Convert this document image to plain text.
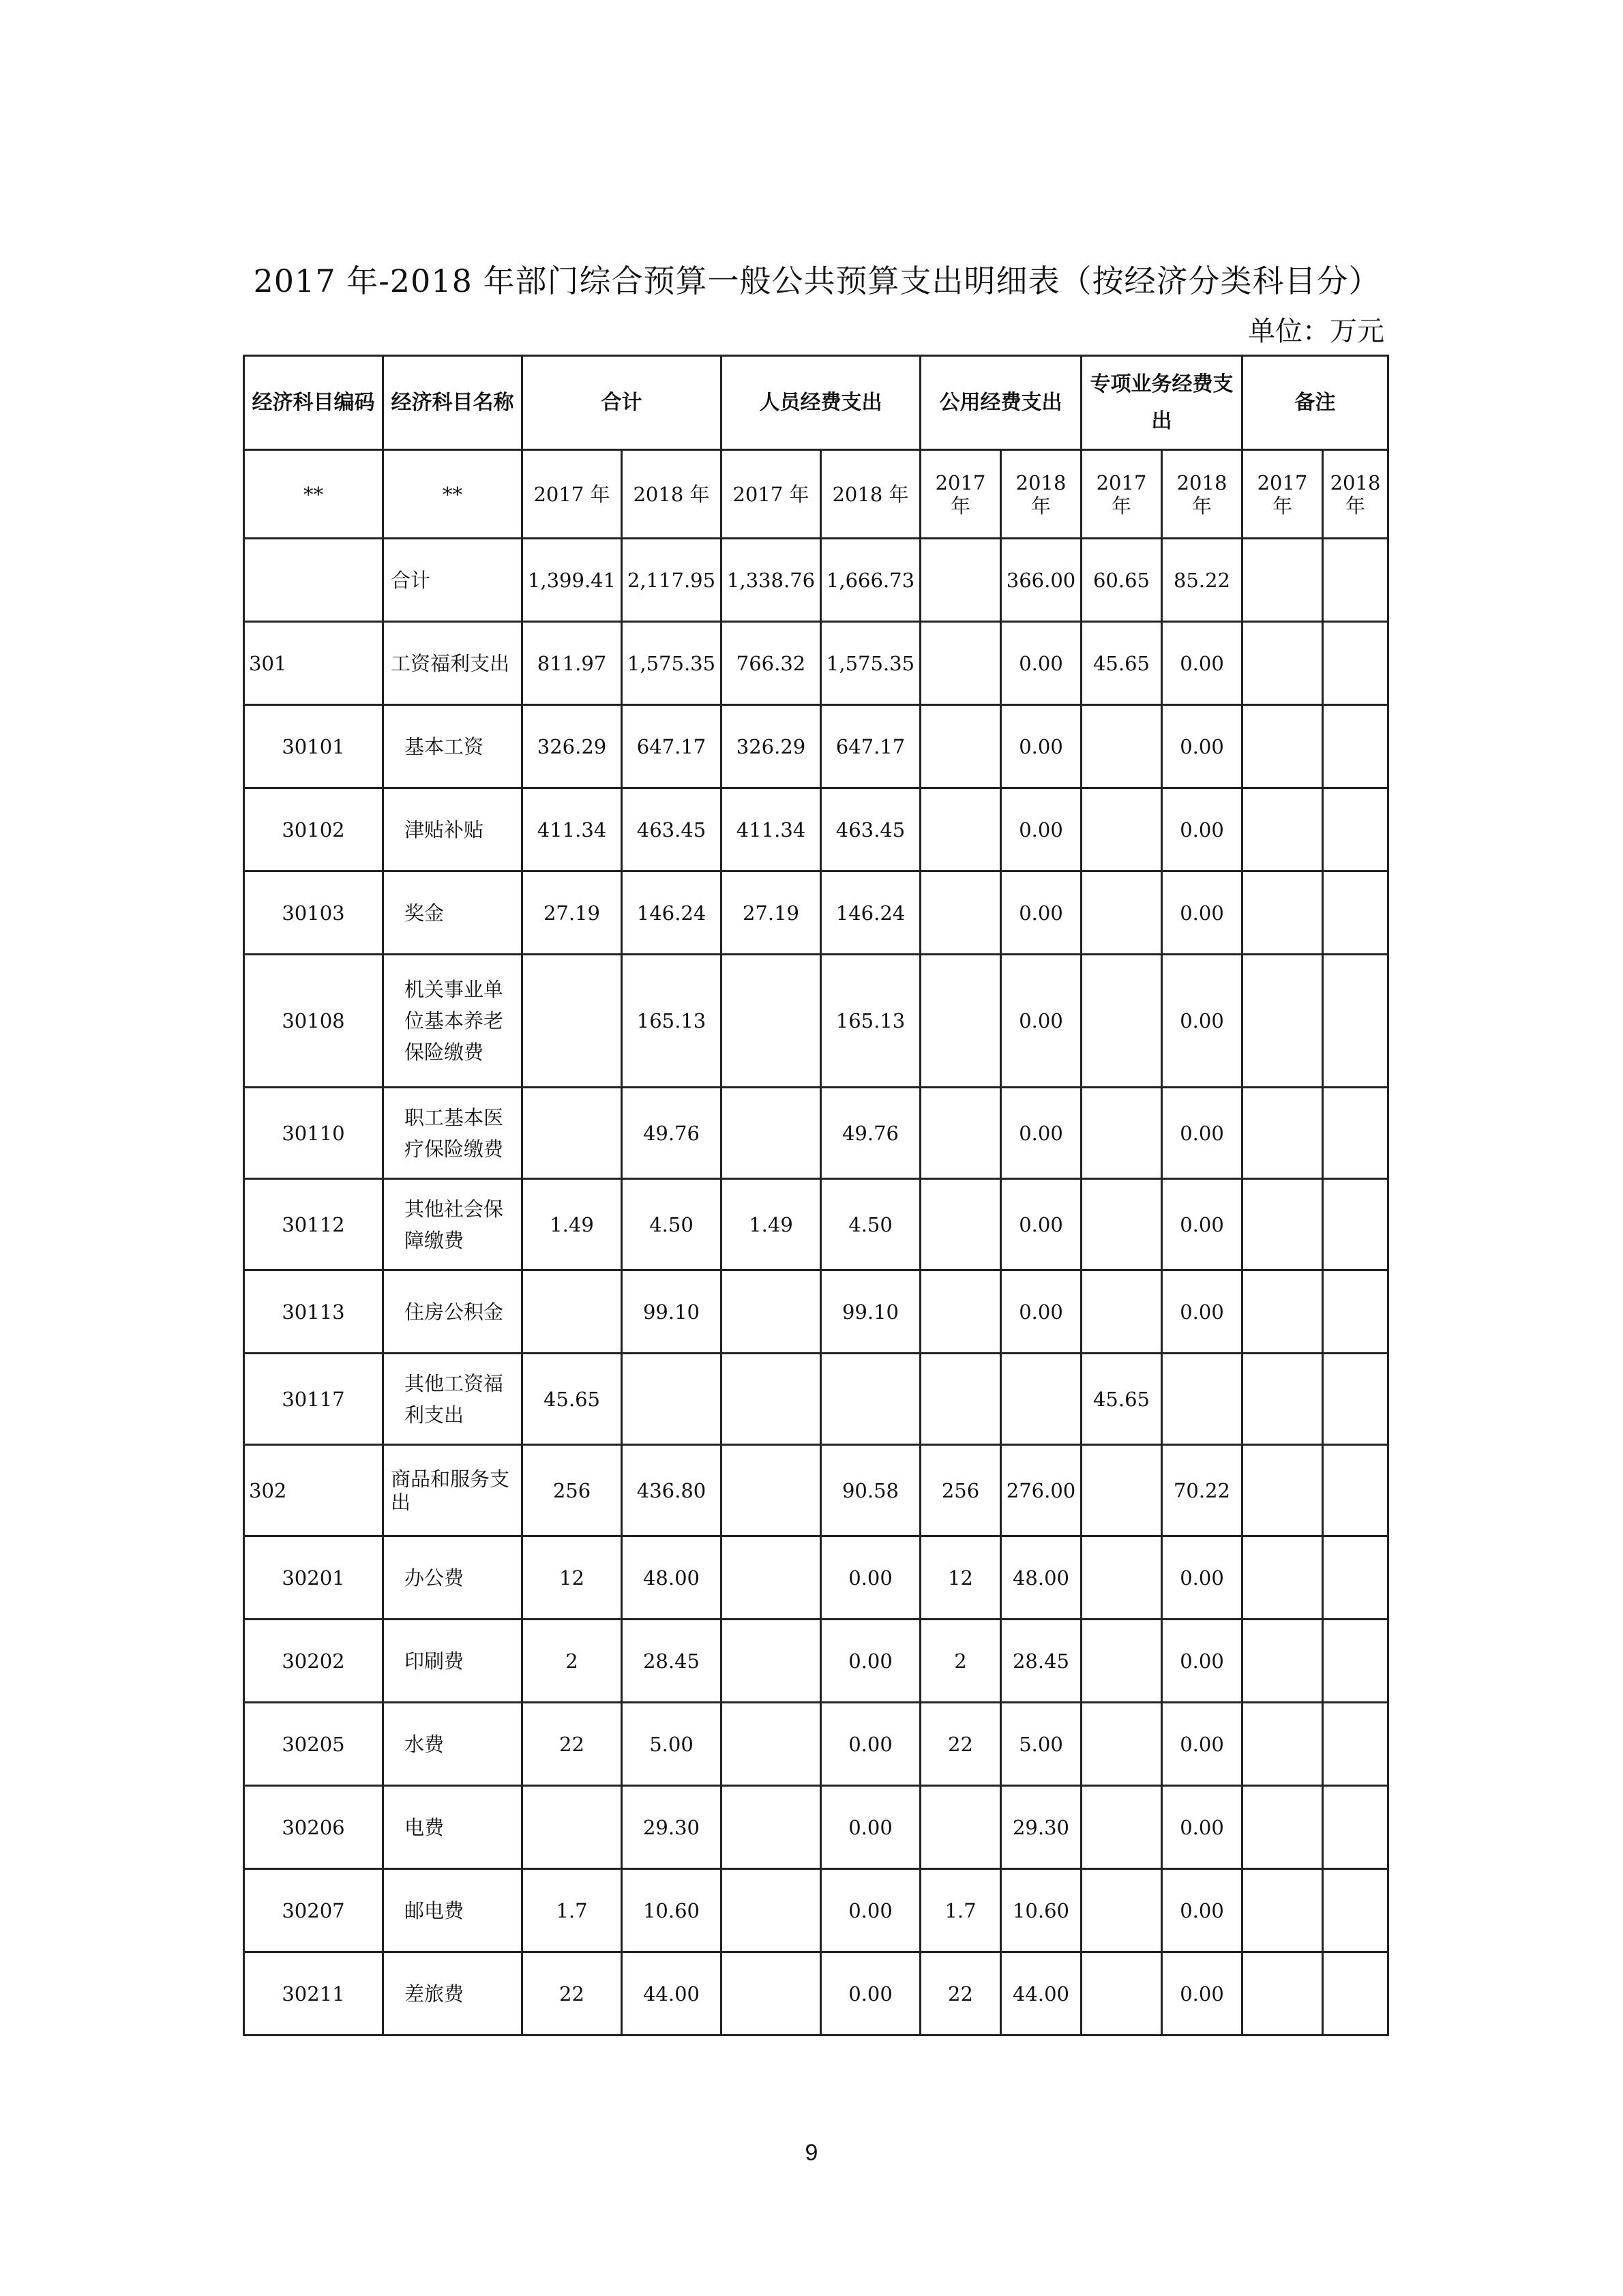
2017 年-2018 年部门综合预算一般公共预算支出明细表（按经济分类科目分）
单位：万元
经济科目编码	经济科目名称	合计		人员经费支出		公用经费支出		专项业务经费支出		备注	
**	**	2017 年	2018 年	2017 年	2018 年	2017 年	2018 年	2017 年	2018 年	2017 年	2018 年
	合计	1,399.41	2,117.95	1,338.76	1,666.73		366.00	60.65	85.22		
301	工资福利支出	811.97	1,575.35	766.32	1,575.35		0.00	45.65	0.00		
30101	基本工资	326.29	647.17	326.29	647.17		0.00		0.00		
30102	津贴补贴	411.34	463.45	411.34	463.45		0.00		0.00		
30103	奖金	27.19	146.24	27.19	146.24		0.00		0.00		
30108	机关事业单位基本养老保险缴费		165.13		165.13		0.00		0.00		
30110	职工基本医疗保险缴费		49.76		49.76		0.00		0.00		
30112	其他社会保障缴费	1.49	4.50	1.49	4.50		0.00		0.00		
30113	住房公积金		99.10		99.10		0.00		0.00		
30117	其他工资福利支出	45.65						45.65			
302	商品和服务支出	256	436.80		90.58	256	276.00		70.22		
30201	办公费	12	48.00		0.00	12	48.00		0.00		
30202	印刷费	2	28.45		0.00	2	28.45		0.00		
30205	水费	22	5.00		0.00	22	5.00		0.00		
30206	电费		29.30		0.00		29.30		0.00		
30207	邮电费	1.7	10.60		0.00	1.7	10.60		0.00		
30211	差旅费	22	44.00		0.00	22	44.00		0.00		
9
